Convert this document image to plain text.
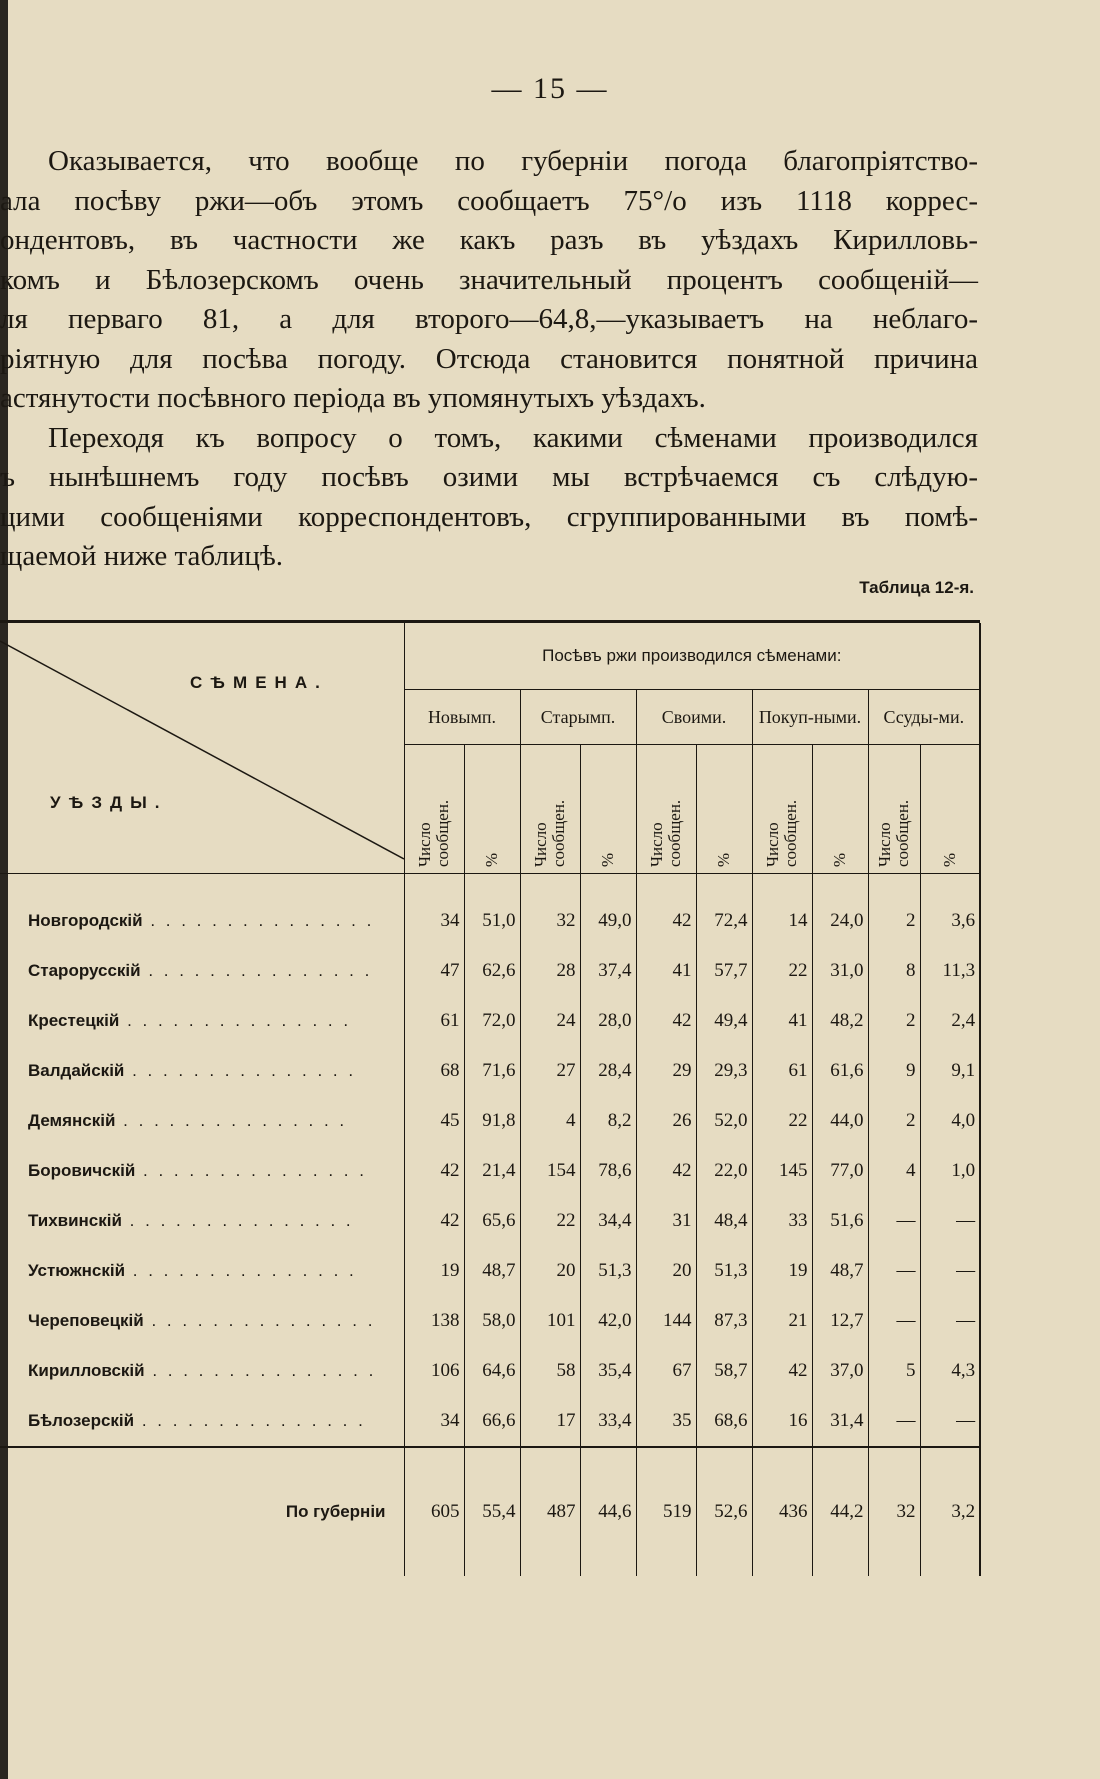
— 15 —

Оказывается, что вообще по губерніи погода благопріятство-
ала посѣву ржи—объ этомъ сообщаетъ 75°/o изъ 1118 коррес-
ондентовъ, въ частности же какъ разъ въ уѣздахъ Кирилловь-
комъ и Бѣлозерскомъ очень значительный процентъ сообщеній—
ля перваго 81, а для второго—64,8,—указываетъ на неблаго-
ріятную для посѣва погоду. Отсюда становится понятной причина
астянутости посѣвного періода въ упомянутыхъ уѣздахъ.

Переходя къ вопросу о томъ, какими сѣменами производился
ъ нынѣшнемъ году посѣвъ озими мы встрѣчаемся съ слѣдую-
цими сообщеніями корреспондентовъ, сгруппированными въ помѣ-
щаемой ниже таблицѣ.

Таблица 12-я.
СѢМЕНА.
УѢЗДЫ.	Посѣвъ ржи производился сѣменами:									
	Новымп.		Старымп.		Своими.		Покуп-ными.		Ссуды-ми.	
	Число сообщен.	%	Число сообщен.	%	Число сообщен.	%	Число сообщен.	%	Число сообщен.	%

Новгородскій . . . . . . . . . . . . . . .	34	51,0	32	49,0	42	72,4	14	24,0	2	3,6
Старорусскій . . . . . . . . . . . . . . .	47	62,6	28	37,4	41	57,7	22	31,0	8	11,3
Крестецкій . . . . . . . . . . . . . . .	61	72,0	24	28,0	42	49,4	41	48,2	2	2,4
Валдайскій . . . . . . . . . . . . . . .	68	71,6	27	28,4	29	29,3	61	61,6	9	9,1
Демянскій . . . . . . . . . . . . . . .	45	91,8	4	8,2	26	52,0	22	44,0	2	4,0
Боровичскій . . . . . . . . . . . . . . .	42	21,4	154	78,6	42	22,0	145	77,0	4	1,0
Тихвинскій . . . . . . . . . . . . . . .	42	65,6	22	34,4	31	48,4	33	51,6	—	—
Устюжнскій . . . . . . . . . . . . . . .	19	48,7	20	51,3	20	51,3	19	48,7	—	—
Череповецкій . . . . . . . . . . . . . . .	138	58,0	101	42,0	144	87,3	21	12,7	—	—
Кирилловскій . . . . . . . . . . . . . . .	106	64,6	58	35,4	67	58,7	42	37,0	5	4,3
Бѣлозерскій . . . . . . . . . . . . . . .	34	66,6	17	33,4	35	68,6	16	31,4	—	—
По губерніи	605	55,4	487	44,6	519	52,6	436	44,2	32	3,2
